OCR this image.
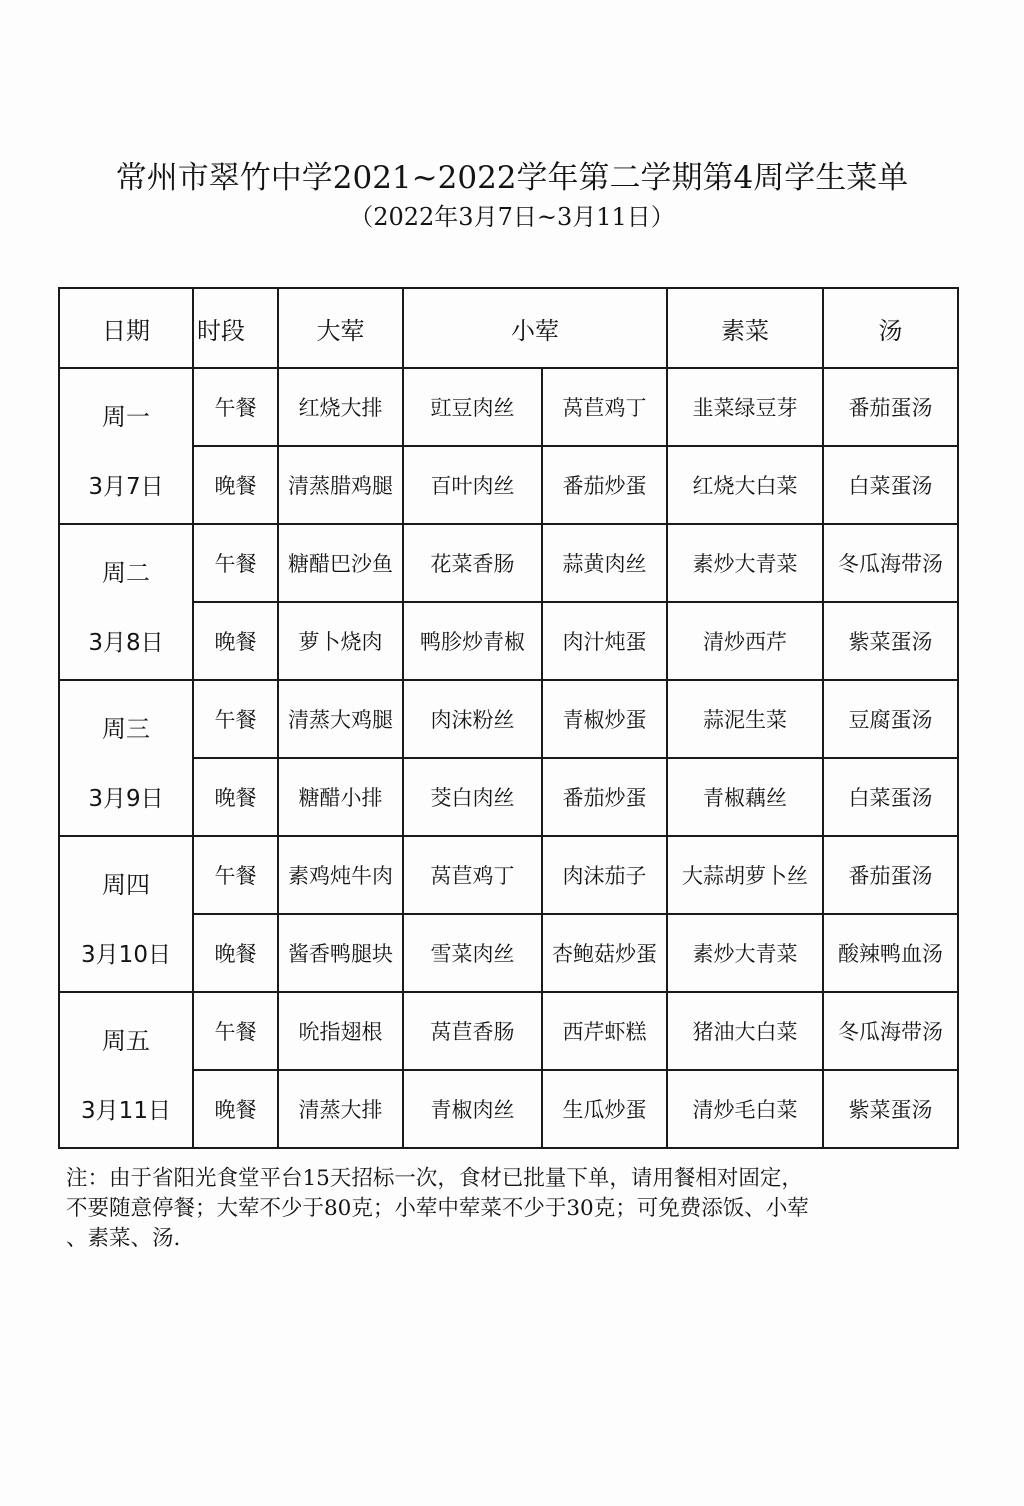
常州市翠竹中学2021~2022学年第二学期第4周学生菜单
（2022年3月7日~3月11日）
日期	时段	大荤	小荤		素菜	汤

周一
3月7日	午餐	红烧大排	豇豆肉丝	莴苣鸡丁	韭菜绿豆芽	番茄蛋汤
	晚餐	清蒸腊鸡腿	百叶肉丝	番茄炒蛋	红烧大白菜	白菜蛋汤

周二
3月8日	午餐	糖醋巴沙鱼	花菜香肠	蒜黄肉丝	素炒大青菜	冬瓜海带汤
	晚餐	萝卜烧肉	鸭胗炒青椒	肉汁炖蛋	清炒西芹	紫菜蛋汤

周三
3月9日	午餐	清蒸大鸡腿	肉沫粉丝	青椒炒蛋	蒜泥生菜	豆腐蛋汤
	晚餐	糖醋小排	茭白肉丝	番茄炒蛋	青椒藕丝	白菜蛋汤

周四
3月10日	午餐	素鸡炖牛肉	莴苣鸡丁	肉沫茄子	大蒜胡萝卜丝	番茄蛋汤
	晚餐	酱香鸭腿块	雪菜肉丝	杏鲍菇炒蛋	素炒大青菜	酸辣鸭血汤

周五
3月11日	午餐	吮指翅根	莴苣香肠	西芹虾糕	猪油大白菜	冬瓜海带汤
	晚餐	清蒸大排	青椒肉丝	生瓜炒蛋	清炒毛白菜	紫菜蛋汤
注：由于省阳光食堂平台15天招标一次，食材已批量下单，请用餐相对固定，
不要随意停餐；大荤不少于80克；小荤中荤菜不少于30克；可免费添饭、小荤
、素菜、汤.
